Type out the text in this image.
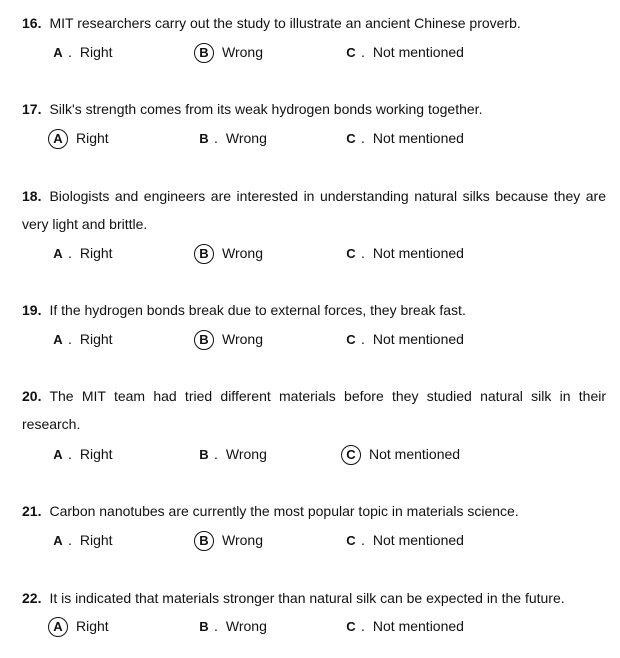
16. MIT researchers carry out the study to illustrate an ancient Chinese proverb.
A . Right	B Wrong	C . Not mentioned
17. Silk's strength comes from its weak hydrogen bonds working together.
A Right	B . Wrong	C . Not mentioned
18. Biologists and engineers are interested in understanding natural silks because they are very light and brittle.
A . Right	B Wrong	C . Not mentioned
19. If the hydrogen bonds break due to external forces, they break fast.
A . Right	B Wrong	C . Not mentioned
20. The MIT team had tried different materials before they studied natural silk in their research.
A . Right	B . Wrong	C Not mentioned
21. Carbon nanotubes are currently the most popular topic in materials science.
A . Right	B Wrong	C . Not mentioned
22. It is indicated that materials stronger than natural silk can be expected in the future.
A Right	B . Wrong	C . Not mentioned
